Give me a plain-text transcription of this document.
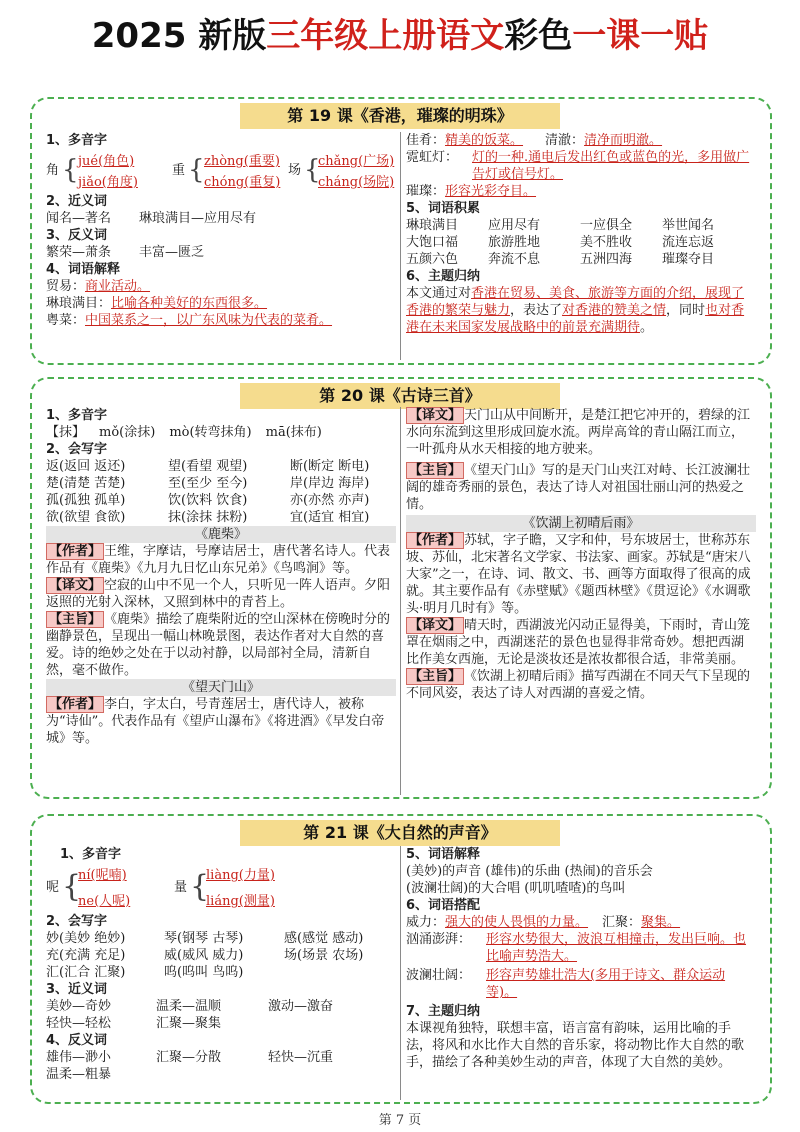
2025 新版三年级上册语文彩色一课一贴
第 19 课《香港，璀璨的明珠》
1、多音字
角 { jué(角色)
jiǎo(角度)
重 { zhòng(重要)
chóng(重复)
场 {
chǎng(广场)
cháng(场院)
2、近义词
闻名—著名 琳琅满目—应用尽有
3、反义词
繁荣—萧条 丰富—匮乏
4、词语解释
贸易：商业活动。
琳琅满目：比喻各种美好的东西很多。
粤菜：中国菜系之一，以广东风味为代表的菜肴。
佳肴：精美的饭菜。 清澈：清净而明澈。
霓虹灯： 灯的一种.通电后发出红色或蓝色的光，多用做广告灯或信号灯。
璀璨：形容光彩夺目。
5、词语积累
琳琅满目 应用尽有	一应俱全 举世闻名
大饱口福 旅游胜地	美不胜收 流连忘返
五颜六色 奔流不息	五洲四海 璀璨夺目
6、主题归纳
本文通过对香港在贸易、美食、旅游等方面的介绍，展现了香港的繁荣与魅力，表达了对香港的赞美之情，同时也对香港在未来国家发展战略中的前景充满期待。
第 20 课《古诗三首》
1、多音字
【抹】 mǒ(涂抹) mò(转弯抹角) mā(抹布)
2、会写字
返(返回 返还)	望(看望 观望)	断(断定 断电)
楚(清楚 苦楚)	至(至少 至今)	岸(岸边 海岸)
孤(孤独 孤单)	饮(饮料 饮食)	亦(亦然 亦声)
欲(欲望 食欲)	抹(涂抹 抹粉)	宜(适宜 相宜)
《鹿柴》
【作者】 王维，字摩诘，号摩诘居士，唐代著名诗人。代表作品有《鹿柴》《九月九日忆山东兄弟》《鸟鸣涧》等。
【译文】 空寂的山中不见一个人，只听见一阵人语声。夕阳返照的光射入深林，又照到林中的青苔上。
【主旨】 《鹿柴》描绘了鹿柴附近的空山深林在傍晚时分的幽静景色，呈现出一幅山林晚景图，表达作者对大自然的喜爱。诗的绝妙之处在于以动衬静，以局部衬全局，清新自然，毫不做作。
《望天门山》
【作者】 李白，字太白，号青莲居士，唐代诗人，被称为“诗仙”。代表作品有《望庐山瀑布》《将进酒》《早发白帝城》等。
【译文】 天门山从中间断开，是楚江把它冲开的，碧绿的江水向东流到这里形成回旋水流。两岸高耸的青山隔江而立，一叶孤舟从水天相接的地方驶来。
【主旨】 《望天门山》写的是天门山夹江对峙、长江波澜壮阔的雄奇秀丽的景色，表达了诗人对祖国壮丽山河的热爱之情。
《饮湖上初晴后雨》
【作者】 苏轼，字子瞻，又字和仲，号东坡居士，世称苏东坡、苏仙，北宋著名文学家、书法家、画家。苏轼是“唐宋八大家”之一，在诗、词、散文、书、画等方面取得了很高的成就。其主要作品有《赤壁赋》《题西林壁》《贯逗论》《水调歌头·明月几时有》等。
【译文】 晴天时，西湖波光闪动正显得美，下雨时，青山笼罩在烟雨之中，西湖迷茫的景色也显得非常奇妙。想把西湖比作美女西施，无论是淡妆还是浓妆都很合适，非常美丽。
【主旨】 《饮湖上初晴后雨》描写西湖在不同天气下呈现的不同风姿，表达了诗人对西湖的喜爱之情。
第 21 课《大自然的声音》
1、多音字
呢 {
ní(呢喃)
ne(人呢)
量 {
liàng(力量)
liáng(测量)
2、会写字
妙(美妙 绝妙)	琴(钢琴 古琴)	感(感觉 感动)
充(充满 充足)	威(威风 威力)	场(场景 农场)
汇(汇合 汇聚)	呜(呜叫 鸟呜)
3、近义词
美妙—奇妙	温柔—温顺	激动—激奋
轻快—轻松	汇聚—聚集
4、反义词
雄伟—渺小	汇聚—分散	轻快—沉重
温柔—粗暴
5、词语解释
(美妙)的声音 (雄伟)的乐曲 (热闹)的音乐会
(波澜壮阔)的大合唱 (叽叽喳喳)的鸟叫
6、词语搭配
威力：强大的使人畏惧的力量。 汇聚：聚集。
汹涌澎湃： 形容水势很大，波浪互相撞击，发出巨响。也比喻声势浩大。
波澜壮阔： 形容声势雄壮浩大(多用于诗文、群众运动等)。
7、主题归纳
本课视角独特，联想丰富，语言富有韵味，运用比喻的手法，将风和水比作大自然的音乐家，将动物比作大自然的歌手，描绘了各种美妙生动的声音，体现了大自然的美妙。
第 7 页
